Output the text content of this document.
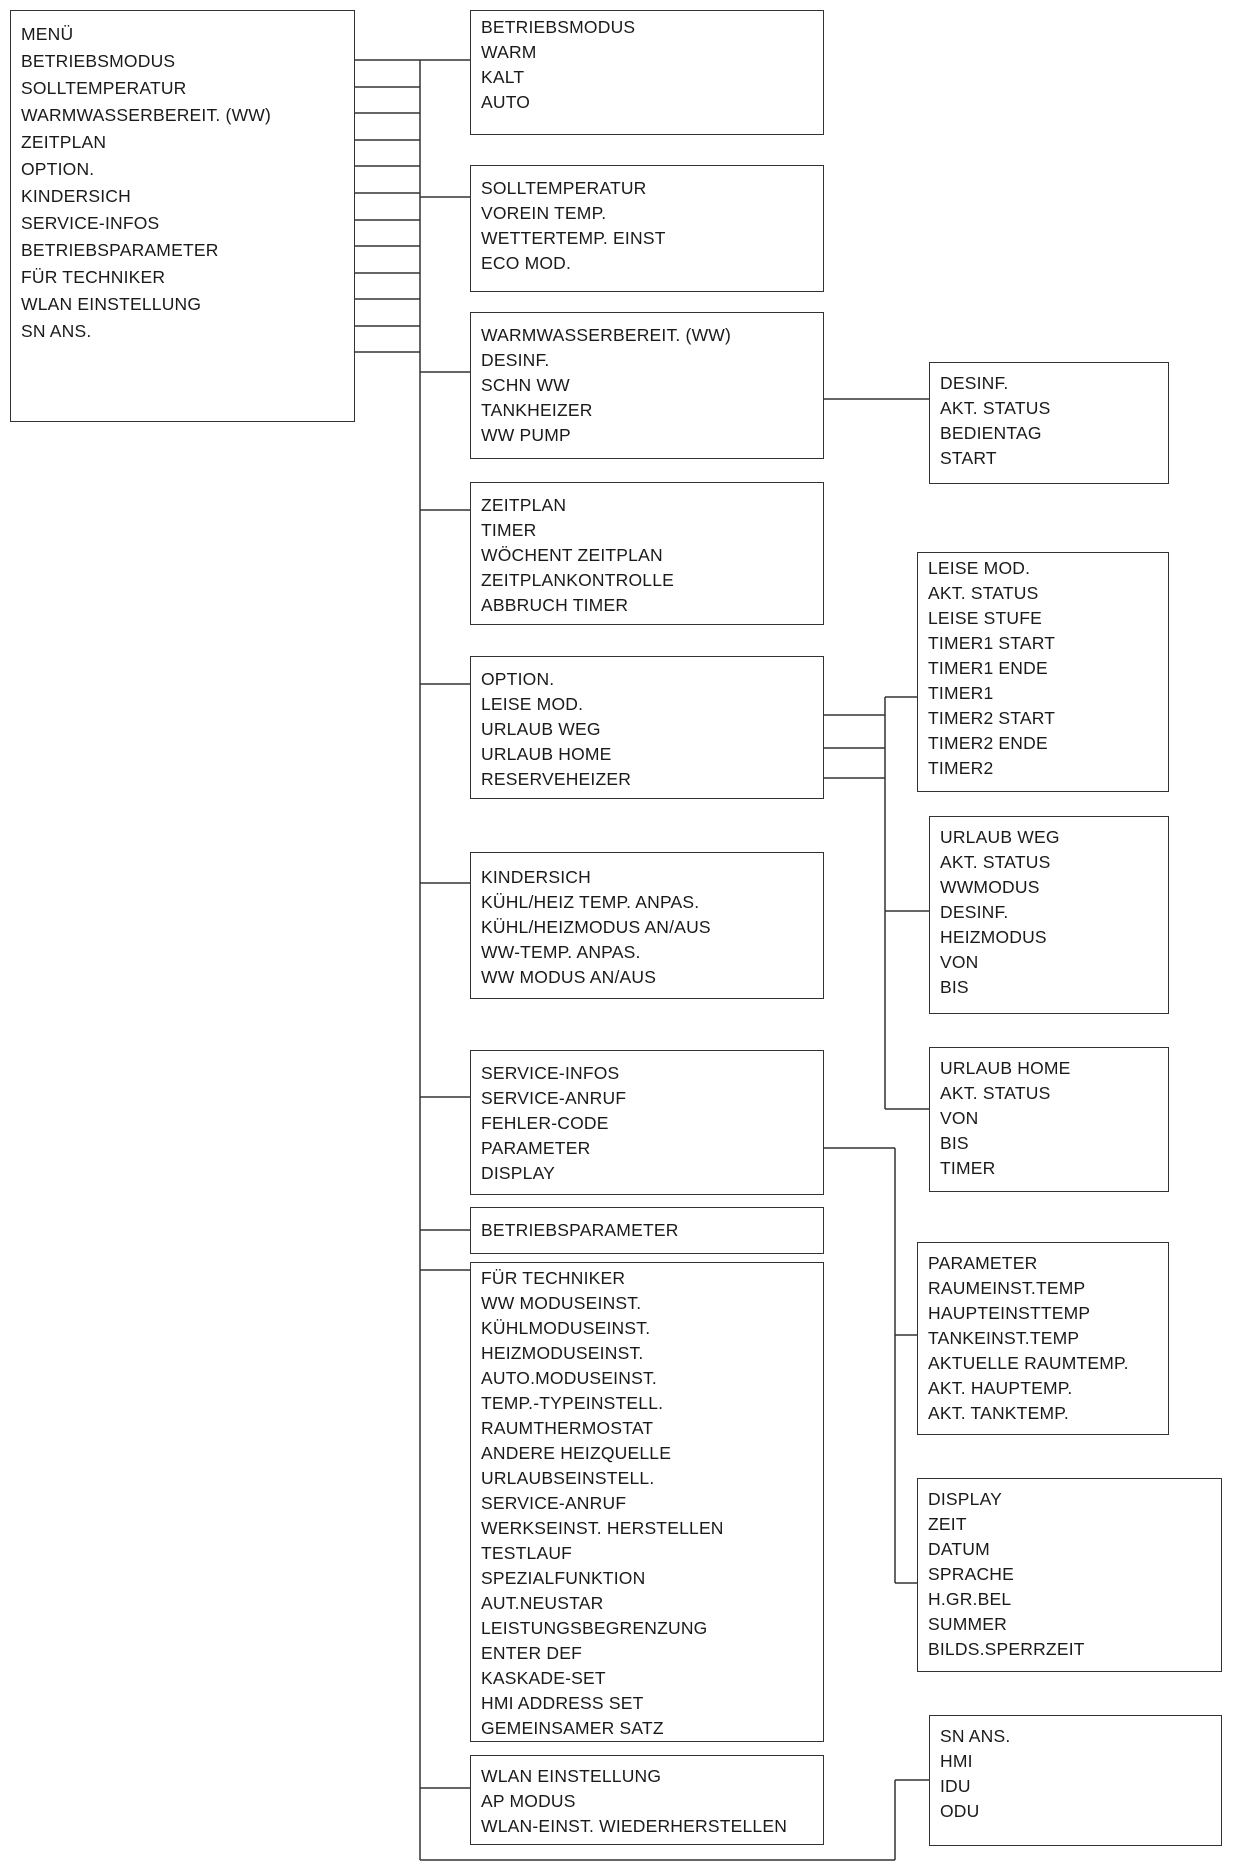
MENÜ
BETRIEBSMODUS
SOLLTEMPERATUR
WARMWASSERBEREIT. (WW)
ZEITPLAN
OPTION.
KINDERSICH
SERVICE-INFOS
BETRIEBSPARAMETER
FÜR TECHNIKER
WLAN EINSTELLUNG
SN ANS.
BETRIEBSMODUS
WARM
KALT
AUTO
SOLLTEMPERATUR
VOREIN TEMP.
WETTERTEMP. EINST
ECO MOD.
WARMWASSERBEREIT. (WW)
DESINF.
SCHN WW
TANKHEIZER
WW PUMP
ZEITPLAN
TIMER
WÖCHENT ZEITPLAN
ZEITPLANKONTROLLE
ABBRUCH TIMER
OPTION.
LEISE MOD.
URLAUB WEG
URLAUB HOME
RESERVEHEIZER
KINDERSICH
KÜHL/HEIZ TEMP. ANPAS.
KÜHL/HEIZMODUS AN/AUS
WW-TEMP. ANPAS.
WW MODUS AN/AUS
SERVICE-INFOS
SERVICE-ANRUF
FEHLER-CODE
PARAMETER
DISPLAY
BETRIEBSPARAMETER
FÜR TECHNIKER
WW MODUSEINST.
KÜHLMODUSEINST.
HEIZMODUSEINST.
AUTO.MODUSEINST.
TEMP.-TYPEINSTELL.
RAUMTHERMOSTAT
ANDERE HEIZQUELLE
URLAUBSEINSTELL.
SERVICE-ANRUF
WERKSEINST. HERSTELLEN
TESTLAUF
SPEZIALFUNKTION
AUT.NEUSTAR
LEISTUNGSBEGRENZUNG
ENTER DEF
KASKADE-SET
HMI ADDRESS SET
GEMEINSAMER SATZ
WLAN EINSTELLUNG
AP MODUS
WLAN-EINST. WIEDERHERSTELLEN
DESINF.
AKT. STATUS
BEDIENTAG
START
LEISE MOD.
AKT. STATUS
LEISE STUFE
TIMER1 START
TIMER1 ENDE
TIMER1
TIMER2 START
TIMER2 ENDE
TIMER2
URLAUB WEG
AKT. STATUS
WWMODUS
DESINF.
HEIZMODUS
VON
BIS
URLAUB HOME
AKT. STATUS
VON
BIS
TIMER
PARAMETER
RAUMEINST.TEMP
HAUPTEINSTTEMP
TANKEINST.TEMP
AKTUELLE RAUMTEMP.
AKT. HAUPTEMP.
AKT. TANKTEMP.
DISPLAY
ZEIT
DATUM
SPRACHE
H.GR.BEL
SUMMER
BILDS.SPERRZEIT
SN ANS.
HMI
IDU
ODU
